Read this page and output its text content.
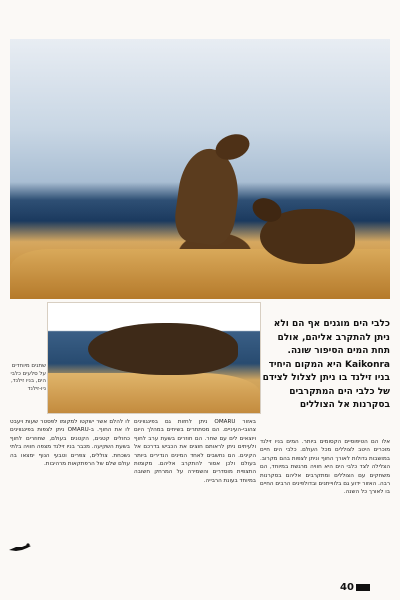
כלבי הים מוגנים אף הם ולא
ניתן להתקרב אליהם, אולם
תחת המים הסיפור שונה.
Kaikonra היא המקום היחיד
בניו זילנד בו ניתן לצלול לצידם
של כלבי הים המתקרבים
בסקרנות אל הצוללים
שתנים מיוחדים על סלעים כלבי הים, בניו זילנד, ניו-זילנד
אלו הם הטיפוסיים הקסומים ביותר. המים בניו זילנד מוכרים היטב לצוללים מכל העולם. כלבי הים חיים במושבות גדולות לאורך החוף וניתן לצפות בהם מקרוב. הצלילה לצד כלבי הים היא חוויה מרגשת במיוחד, הם משחקים עם הצוללים ומתקרבים אליהם בסקרנות רבה. האזור ידוע גם בלווייתנים ובדולפינים הרבים החיים בו לאורך כל השנה.
באזור OMARU ניתן לחזות גם בפינגווינים צהובי-העיניים. הם מסתתרים בשיחים במהלך היום ויוצאים לים עם שחר. הם חוזרים בשעת ערב לחוף ולעיתים ניתן לראותם חוצים את הכביש בדרכם אל הקינים. הם נחשבים לאחד המינים הנדירים ביותר בעולם ולכן אסור להתקרב אליהם. מקומות התצפית מוסדרים והשמירה על המרחק חשובה במיוחד בעונת הרבייה.
לו להלם אשר ישקטו למקומו לפסטר שעות ויעבט לו את החוף. ב-OMARU ניתן לצפות בפינגווינים כחולים קטנים, הקטנים בעולם, שחוזרים לחוף בשעת השקיעה. מכבר בניו זילנד מצפה חוויה בלתי נשכחת. צוללים, צפרים וטבעי הנוף ימצאו בה עולם שלם של הרפתקאות מרהיבות.
40
